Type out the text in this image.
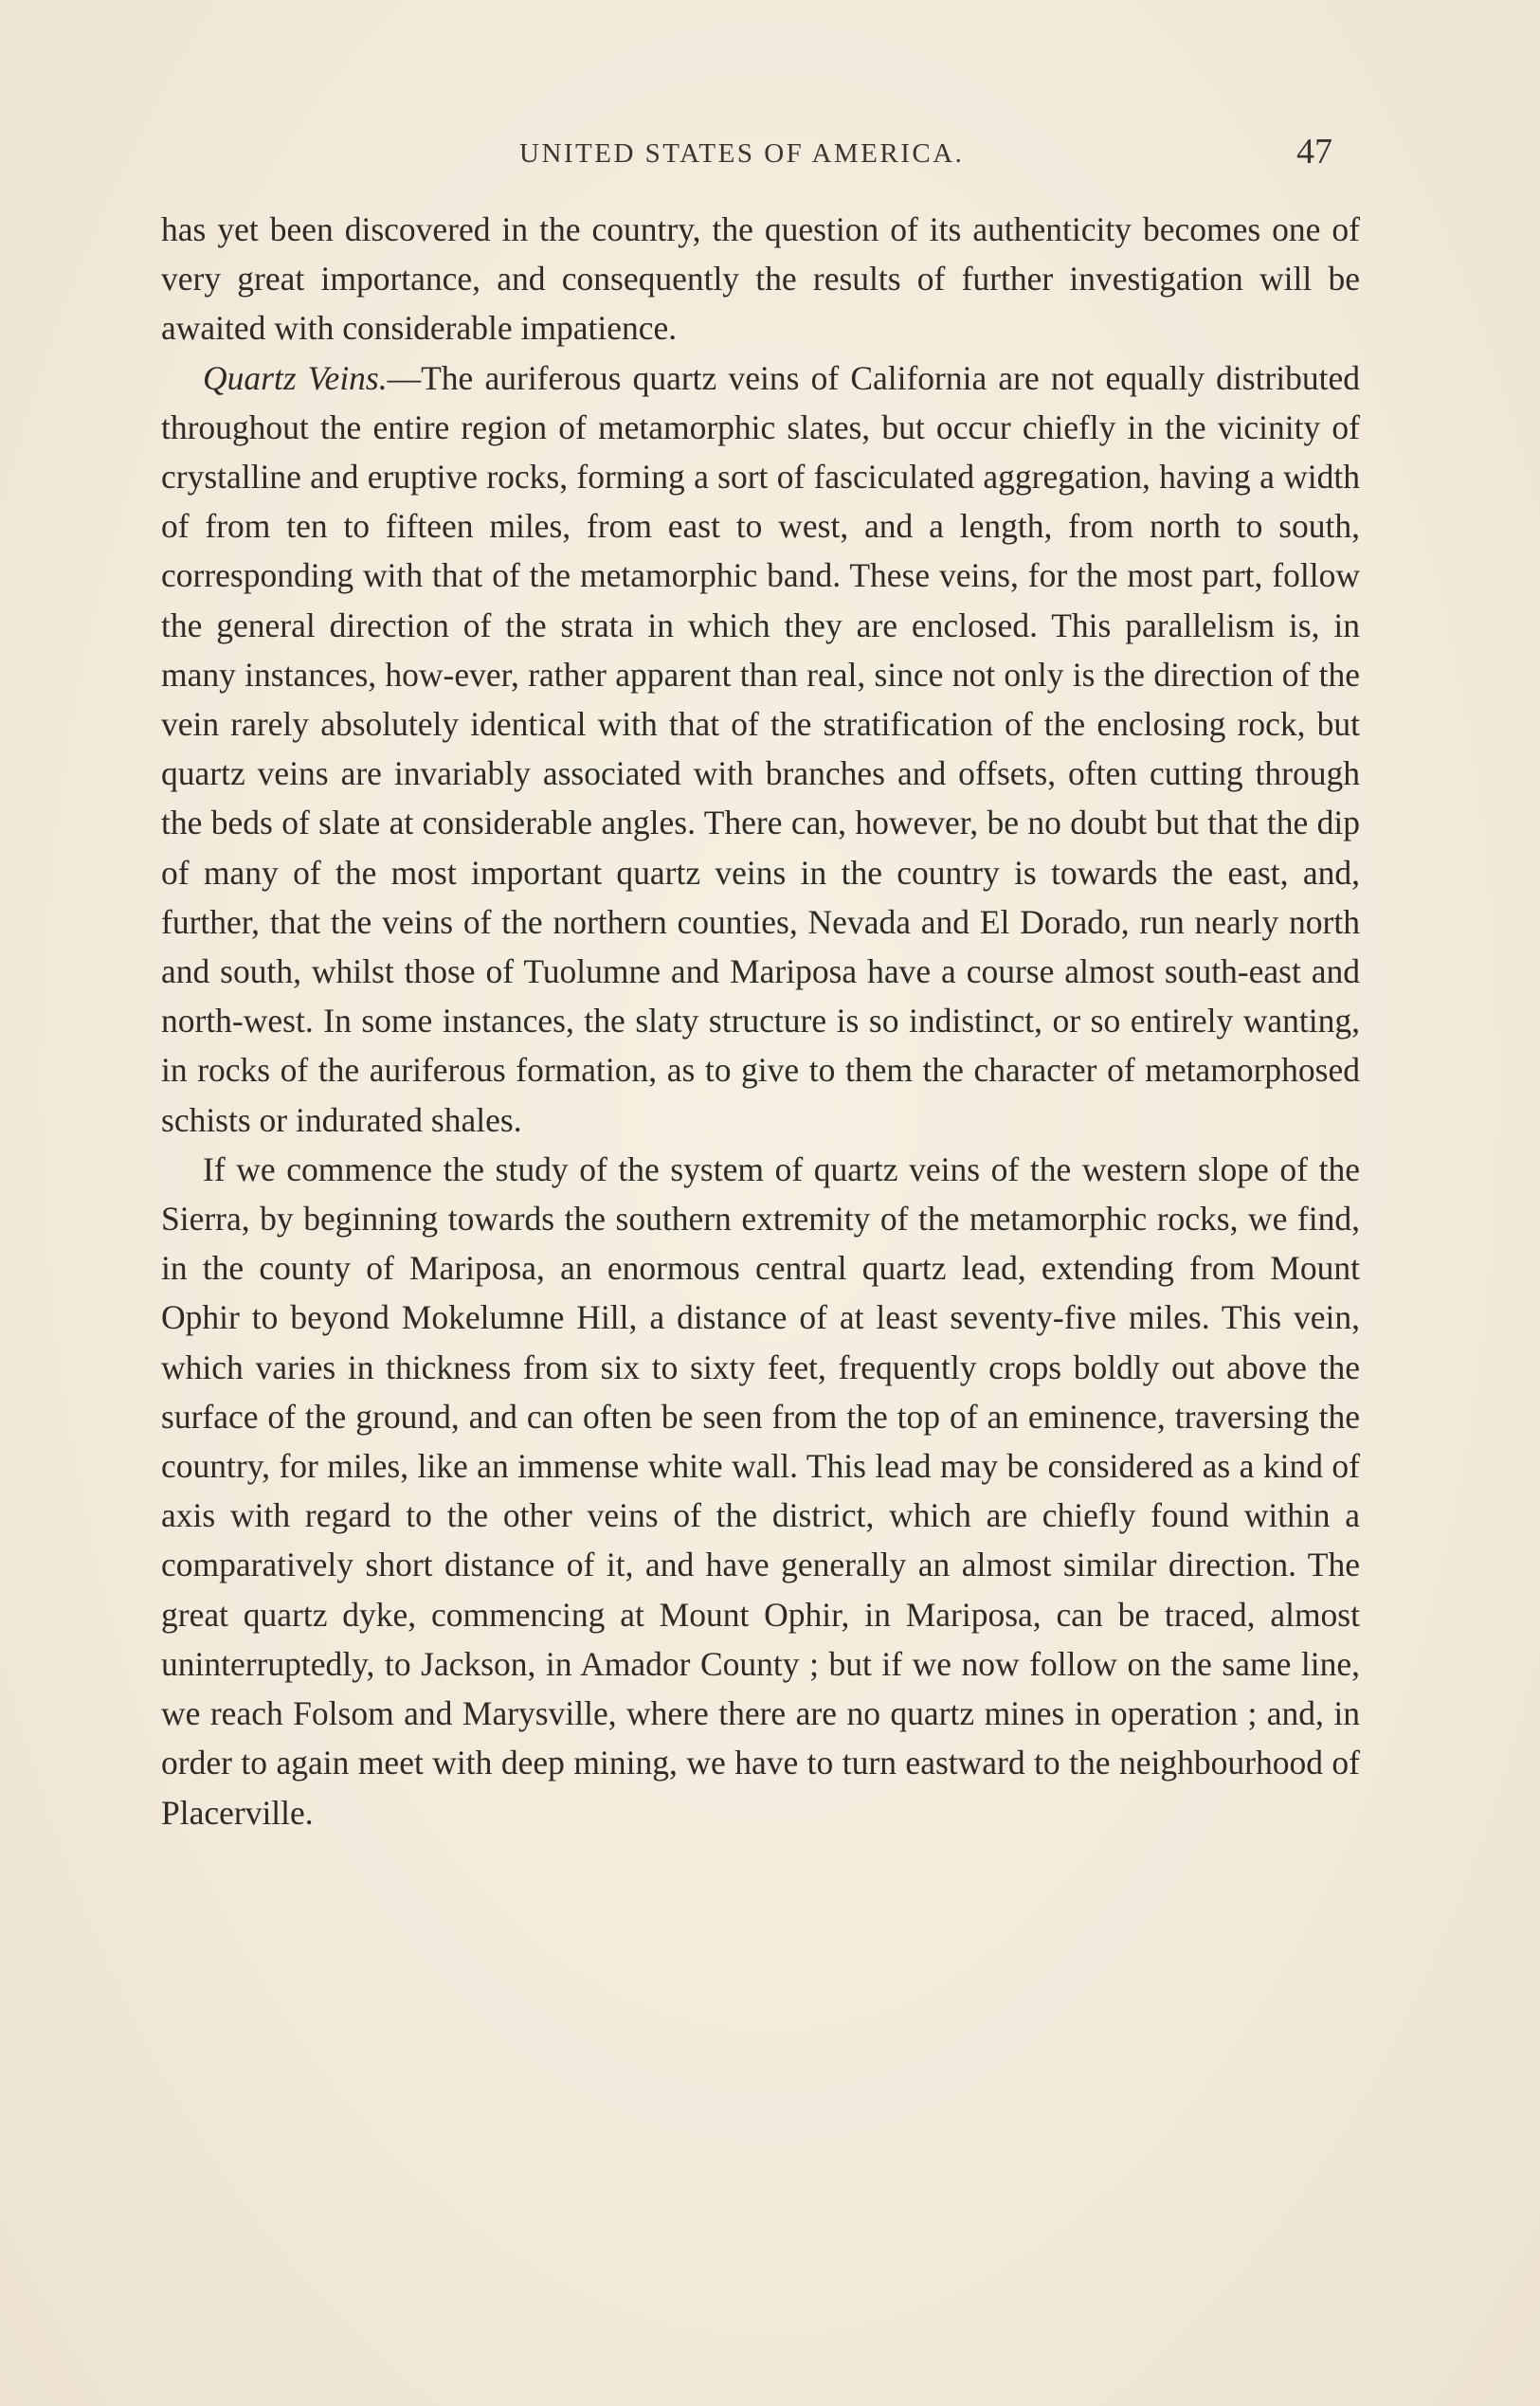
UNITED STATES OF AMERICA.	47

has yet been discovered in the country, the question of its authenticity becomes one of very great importance, and consequently the results of further investigation will be awaited with considerable impatience.

Quartz Veins.—The auriferous quartz veins of California are not equally distributed throughout the entire region of metamorphic slates, but occur chiefly in the vicinity of crystalline and eruptive rocks, forming a sort of fasciculated aggregation, having a width of from ten to fifteen miles, from east to west, and a length, from north to south, corresponding with that of the metamorphic band. These veins, for the most part, follow the general direction of the strata in which they are enclosed. This parallelism is, in many instances, how-ever, rather apparent than real, since not only is the direction of the vein rarely absolutely identical with that of the stratification of the enclosing rock, but quartz veins are invariably associated with branches and offsets, often cutting through the beds of slate at considerable angles. There can, however, be no doubt but that the dip of many of the most important quartz veins in the country is towards the east, and, further, that the veins of the northern counties, Nevada and El Dorado, run nearly north and south, whilst those of Tuolumne and Mariposa have a course almost south-east and north-west. In some instances, the slaty structure is so indistinct, or so entirely wanting, in rocks of the auriferous formation, as to give to them the character of metamorphosed schists or indurated shales.

If we commence the study of the system of quartz veins of the western slope of the Sierra, by beginning towards the southern extremity of the metamorphic rocks, we find, in the county of Mariposa, an enormous central quartz lead, extending from Mount Ophir to beyond Mokelumne Hill, a distance of at least seventy-five miles. This vein, which varies in thickness from six to sixty feet, frequently crops boldly out above the surface of the ground, and can often be seen from the top of an eminence, traversing the country, for miles, like an immense white wall. This lead may be considered as a kind of axis with regard to the other veins of the district, which are chiefly found within a comparatively short distance of it, and have generally an almost similar direction. The great quartz dyke, commencing at Mount Ophir, in Mariposa, can be traced, almost uninterruptedly, to Jackson, in Amador County ; but if we now follow on the same line, we reach Folsom and Marysville, where there are no quartz mines in operation ; and, in order to again meet with deep mining, we have to turn eastward to the neighbourhood of Placerville.
